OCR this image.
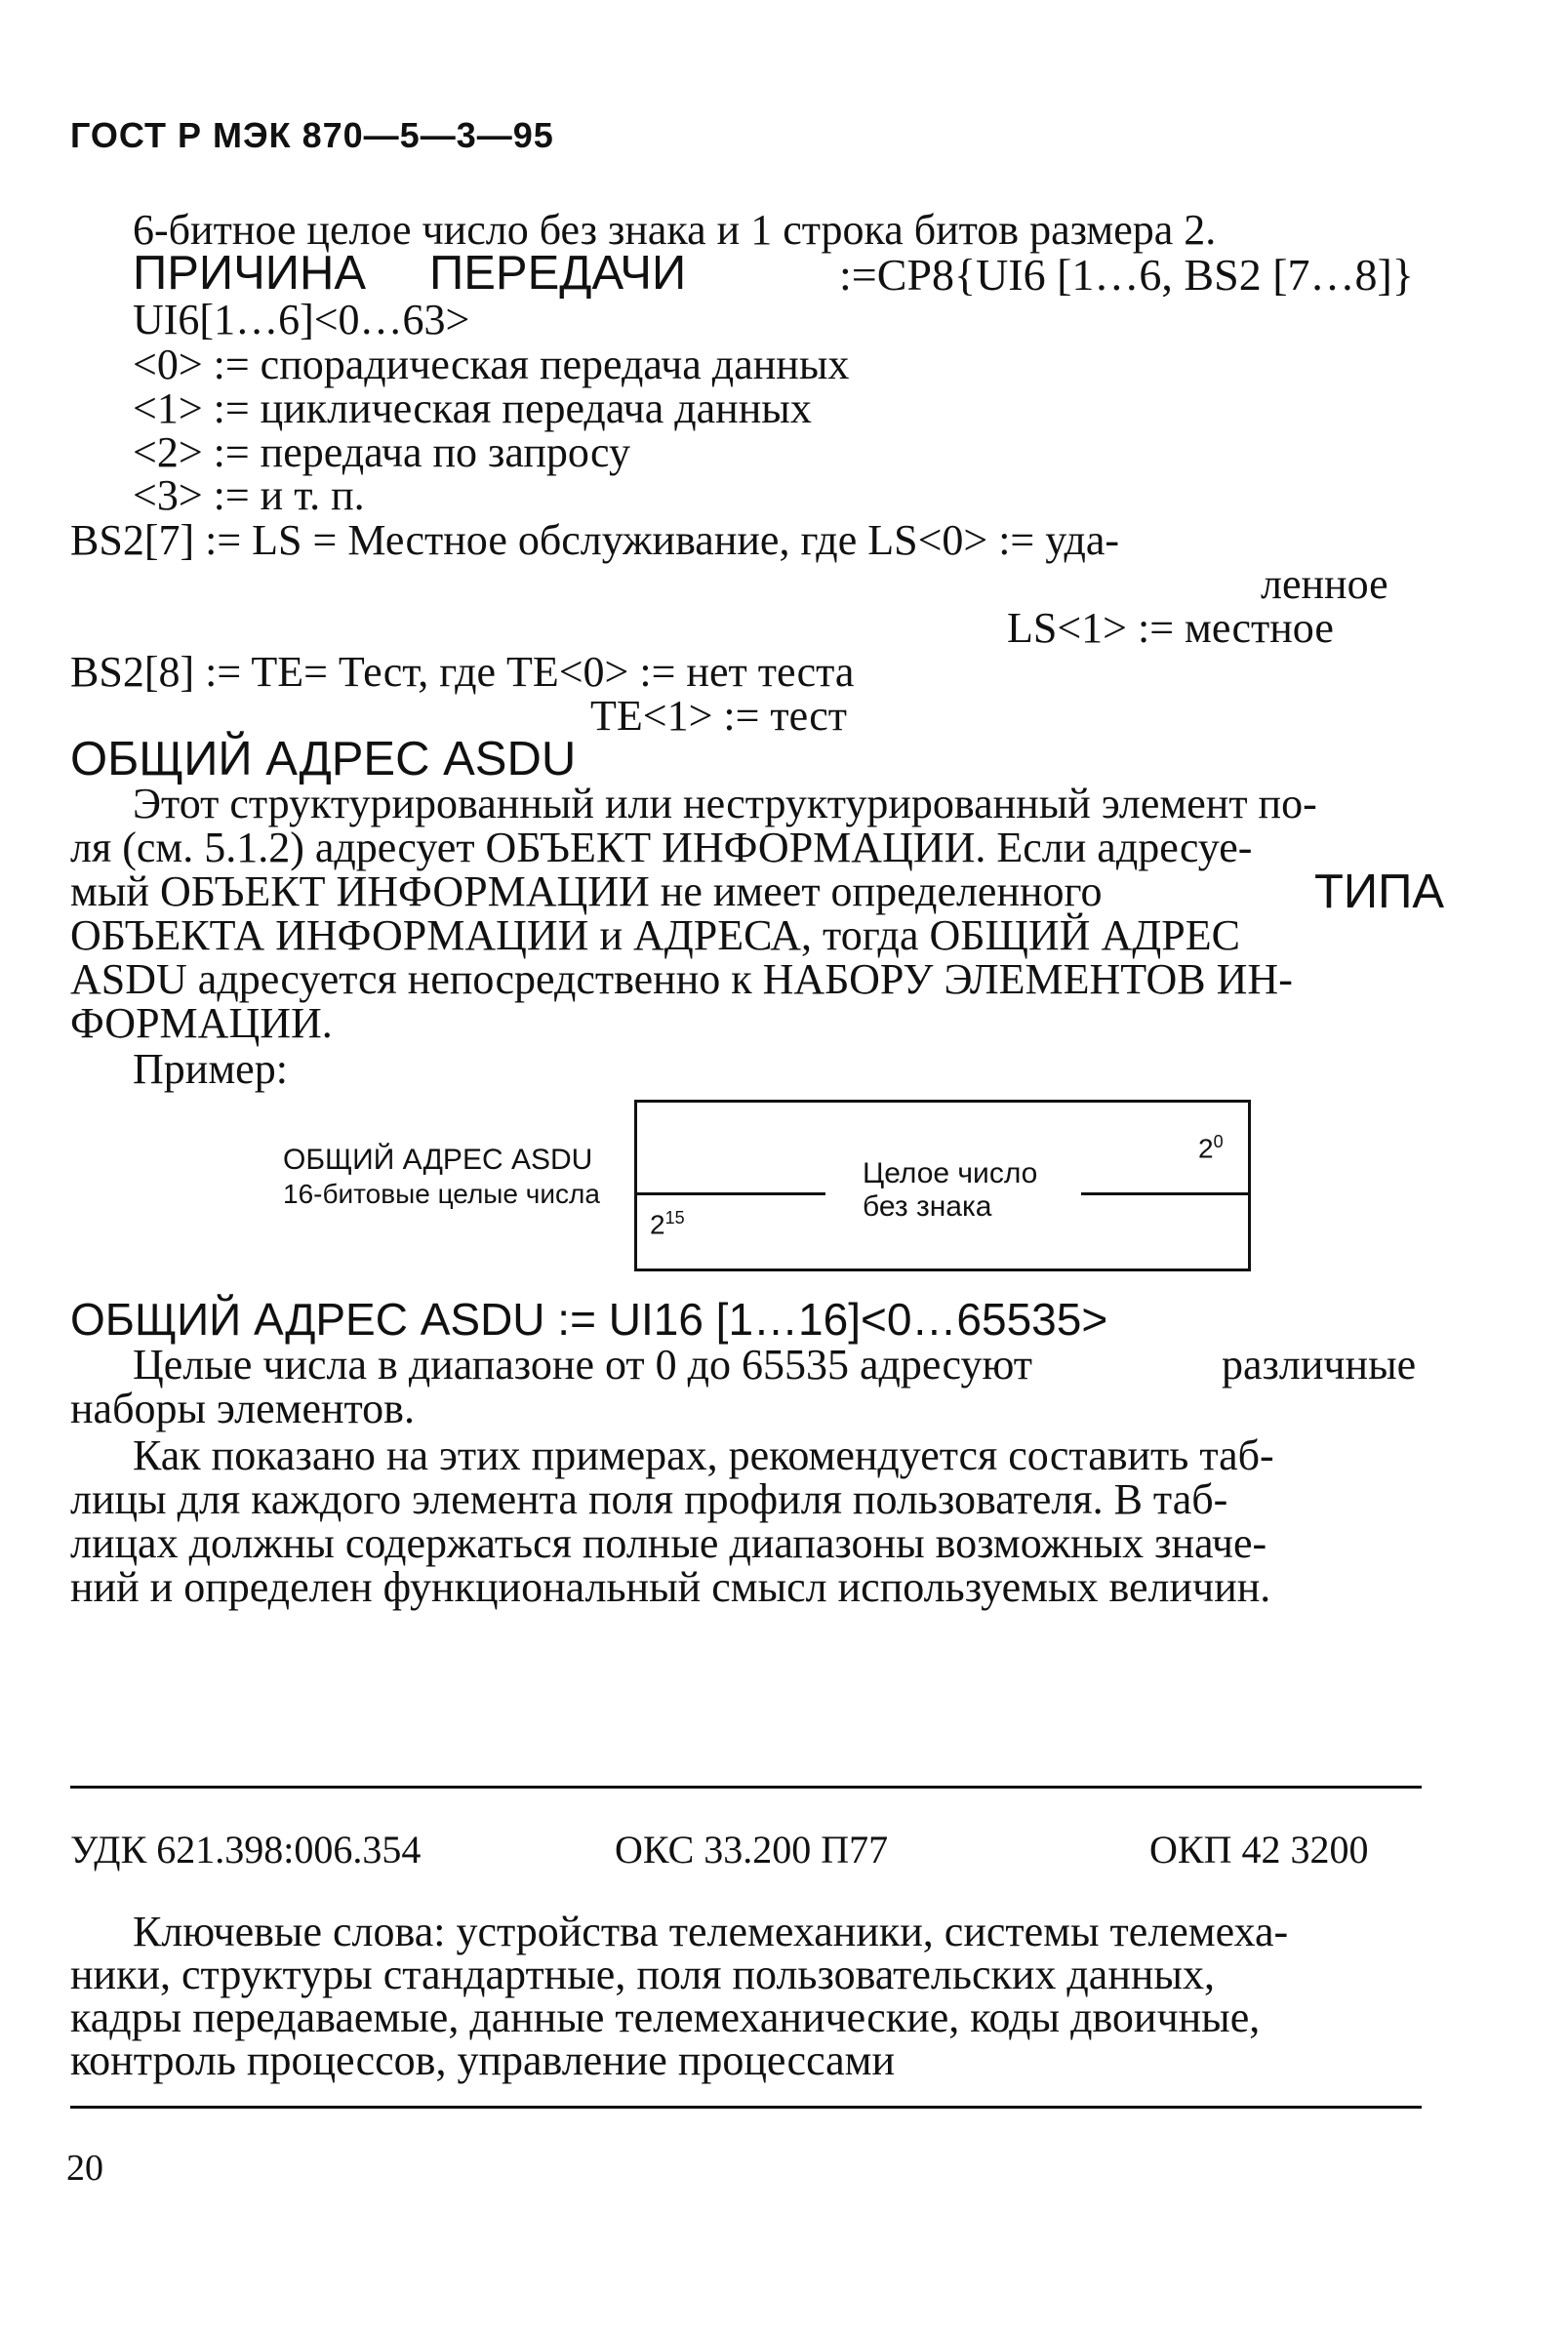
ГОСТ Р МЭК 870—5—3—95
6-битное целое число без знака и 1 строка битов размера 2.
ПРИЧИНА ПЕРЕДАЧИ	:=CP8{UI6 [1…6, BS2 [7…8]}
UI6[1…6]<0…63>
<0> := спорадическая передача данных
<1> := циклическая передача данных
<2> := передача по запросу
<3> := и т. п.
BS2[7] := LS = Местное обслуживание, где LS<0> := уда-
ленное
LS<1> := местное
BS2[8] := TE= Тест, где TE<0> := нет теста
TE<1> := тест
ОБЩИЙ АДРЕС ASDU
Этот структурированный или неструктурированный элемент по-
ля (см. 5.1.2) адресует ОБЪЕКТ ИНФОРМАЦИИ. Если адресуе-
мый ОБЪЕКТ ИНФОРМАЦИИ не имеет определенного	ТИПА
ОБЪЕКТА ИНФОРМАЦИИ и АДРЕСА, тогда ОБЩИЙ АДРЕС
ASDU адресуется непосредственно к НАБОРУ ЭЛЕМЕНТОВ ИН-
ФОРМАЦИИ.
Пример:
ОБЩИЙ АДРЕС ASDU
16-битовые целые числа
Целое число
без знака
$2^{15}$
$2^0$
ОБЩИЙ АДРЕС ASDU := UI16 [1…16]<0…65535>
Целые числа в диапазоне от 0 до 65535 адресуют	различные
наборы элементов.
Как показано на этих примерах, рекомендуется составить таб-
лицы для каждого элемента поля профиля пользователя. В таб-
лицах должны содержаться полные диапазоны возможных значе-
ний и определен функциональный смысл используемых величин.
УДК 621.398:006.354	ОКС 33.200 П77	ОКП 42 3200
Ключевые слова: устройства телемеханики, системы телемеха-
ники, структуры стандартные, поля пользовательских данных,
кадры передаваемые, данные телемеханические, коды двоичные,
контроль процессов, управление процессами
20
